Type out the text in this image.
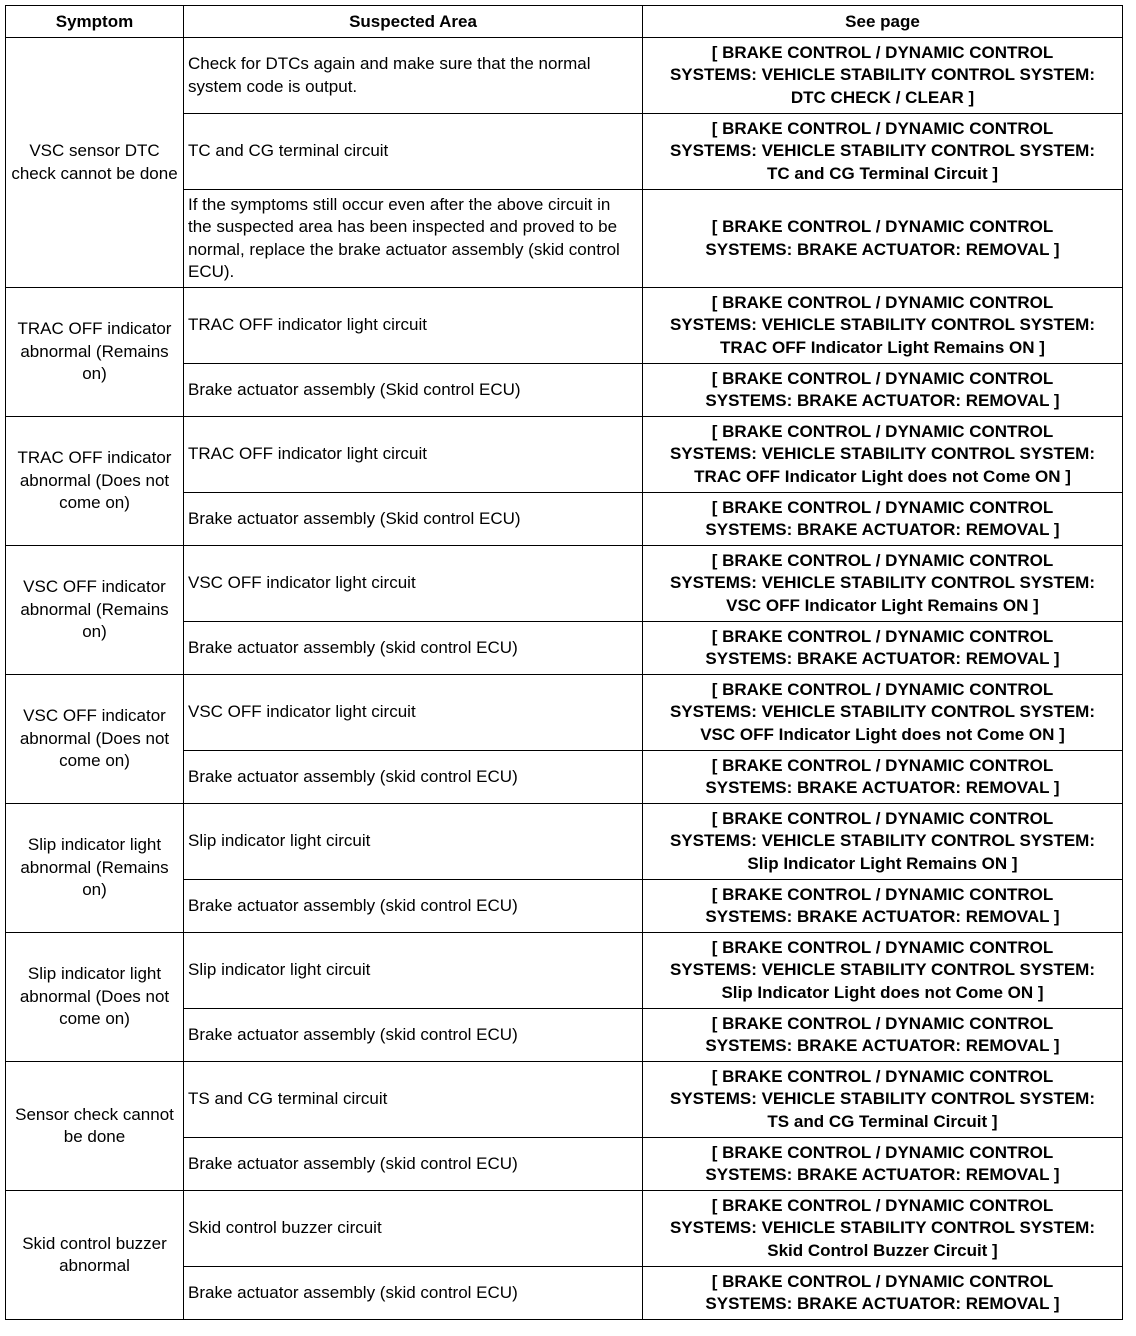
Symptom	Suspected Area	See page
VSC sensor DTC check cannot be done	Check for DTCs again and make sure that the normal system code is output.	[ BRAKE CONTROL / DYNAMIC CONTROL
SYSTEMS: VEHICLE STABILITY CONTROL SYSTEM:
DTC CHECK / CLEAR ]

	TC and CG terminal circuit	[ BRAKE CONTROL / DYNAMIC CONTROL
SYSTEMS: VEHICLE STABILITY CONTROL SYSTEM:
TC and CG Terminal Circuit ]

	If the symptoms still occur even after the above circuit in the suspected area has been inspected and proved to be normal, replace the brake actuator assembly (skid control ECU).	[ BRAKE CONTROL / DYNAMIC CONTROL
SYSTEMS: BRAKE ACTUATOR: REMOVAL ]

TRAC OFF indicator abnormal (Remains on)	TRAC OFF indicator light circuit	[ BRAKE CONTROL / DYNAMIC CONTROL
SYSTEMS: VEHICLE STABILITY CONTROL SYSTEM:
TRAC OFF Indicator Light Remains ON ]

	Brake actuator assembly (Skid control ECU)	[ BRAKE CONTROL / DYNAMIC CONTROL
SYSTEMS: BRAKE ACTUATOR: REMOVAL ]

TRAC OFF indicator abnormal (Does not come on)	TRAC OFF indicator light circuit	[ BRAKE CONTROL / DYNAMIC CONTROL
SYSTEMS: VEHICLE STABILITY CONTROL SYSTEM:
TRAC OFF Indicator Light does not Come ON ]

	Brake actuator assembly (Skid control ECU)	[ BRAKE CONTROL / DYNAMIC CONTROL
SYSTEMS: BRAKE ACTUATOR: REMOVAL ]

VSC OFF indicator abnormal (Remains on)	VSC OFF indicator light circuit	[ BRAKE CONTROL / DYNAMIC CONTROL
SYSTEMS: VEHICLE STABILITY CONTROL SYSTEM:
VSC OFF Indicator Light Remains ON ]

	Brake actuator assembly (skid control ECU)	[ BRAKE CONTROL / DYNAMIC CONTROL
SYSTEMS: BRAKE ACTUATOR: REMOVAL ]

VSC OFF indicator abnormal (Does not come on)	VSC OFF indicator light circuit	[ BRAKE CONTROL / DYNAMIC CONTROL
SYSTEMS: VEHICLE STABILITY CONTROL SYSTEM:
VSC OFF Indicator Light does not Come ON ]

	Brake actuator assembly (skid control ECU)	[ BRAKE CONTROL / DYNAMIC CONTROL
SYSTEMS: BRAKE ACTUATOR: REMOVAL ]

Slip indicator light abnormal (Remains on)	Slip indicator light circuit	[ BRAKE CONTROL / DYNAMIC CONTROL
SYSTEMS: VEHICLE STABILITY CONTROL SYSTEM:
Slip Indicator Light Remains ON ]

	Brake actuator assembly (skid control ECU)	[ BRAKE CONTROL / DYNAMIC CONTROL
SYSTEMS: BRAKE ACTUATOR: REMOVAL ]

Slip indicator light abnormal (Does not come on)	Slip indicator light circuit	[ BRAKE CONTROL / DYNAMIC CONTROL
SYSTEMS: VEHICLE STABILITY CONTROL SYSTEM:
Slip Indicator Light does not Come ON ]

	Brake actuator assembly (skid control ECU)	[ BRAKE CONTROL / DYNAMIC CONTROL
SYSTEMS: BRAKE ACTUATOR: REMOVAL ]

Sensor check cannot be done	TS and CG terminal circuit	[ BRAKE CONTROL / DYNAMIC CONTROL
SYSTEMS: VEHICLE STABILITY CONTROL SYSTEM:
TS and CG Terminal Circuit ]

	Brake actuator assembly (skid control ECU)	[ BRAKE CONTROL / DYNAMIC CONTROL
SYSTEMS: BRAKE ACTUATOR: REMOVAL ]

Skid control buzzer abnormal	Skid control buzzer circuit	[ BRAKE CONTROL / DYNAMIC CONTROL
SYSTEMS: VEHICLE STABILITY CONTROL SYSTEM:
Skid Control Buzzer Circuit ]

	Brake actuator assembly (skid control ECU)	[ BRAKE CONTROL / DYNAMIC CONTROL
SYSTEMS: BRAKE ACTUATOR: REMOVAL ]
